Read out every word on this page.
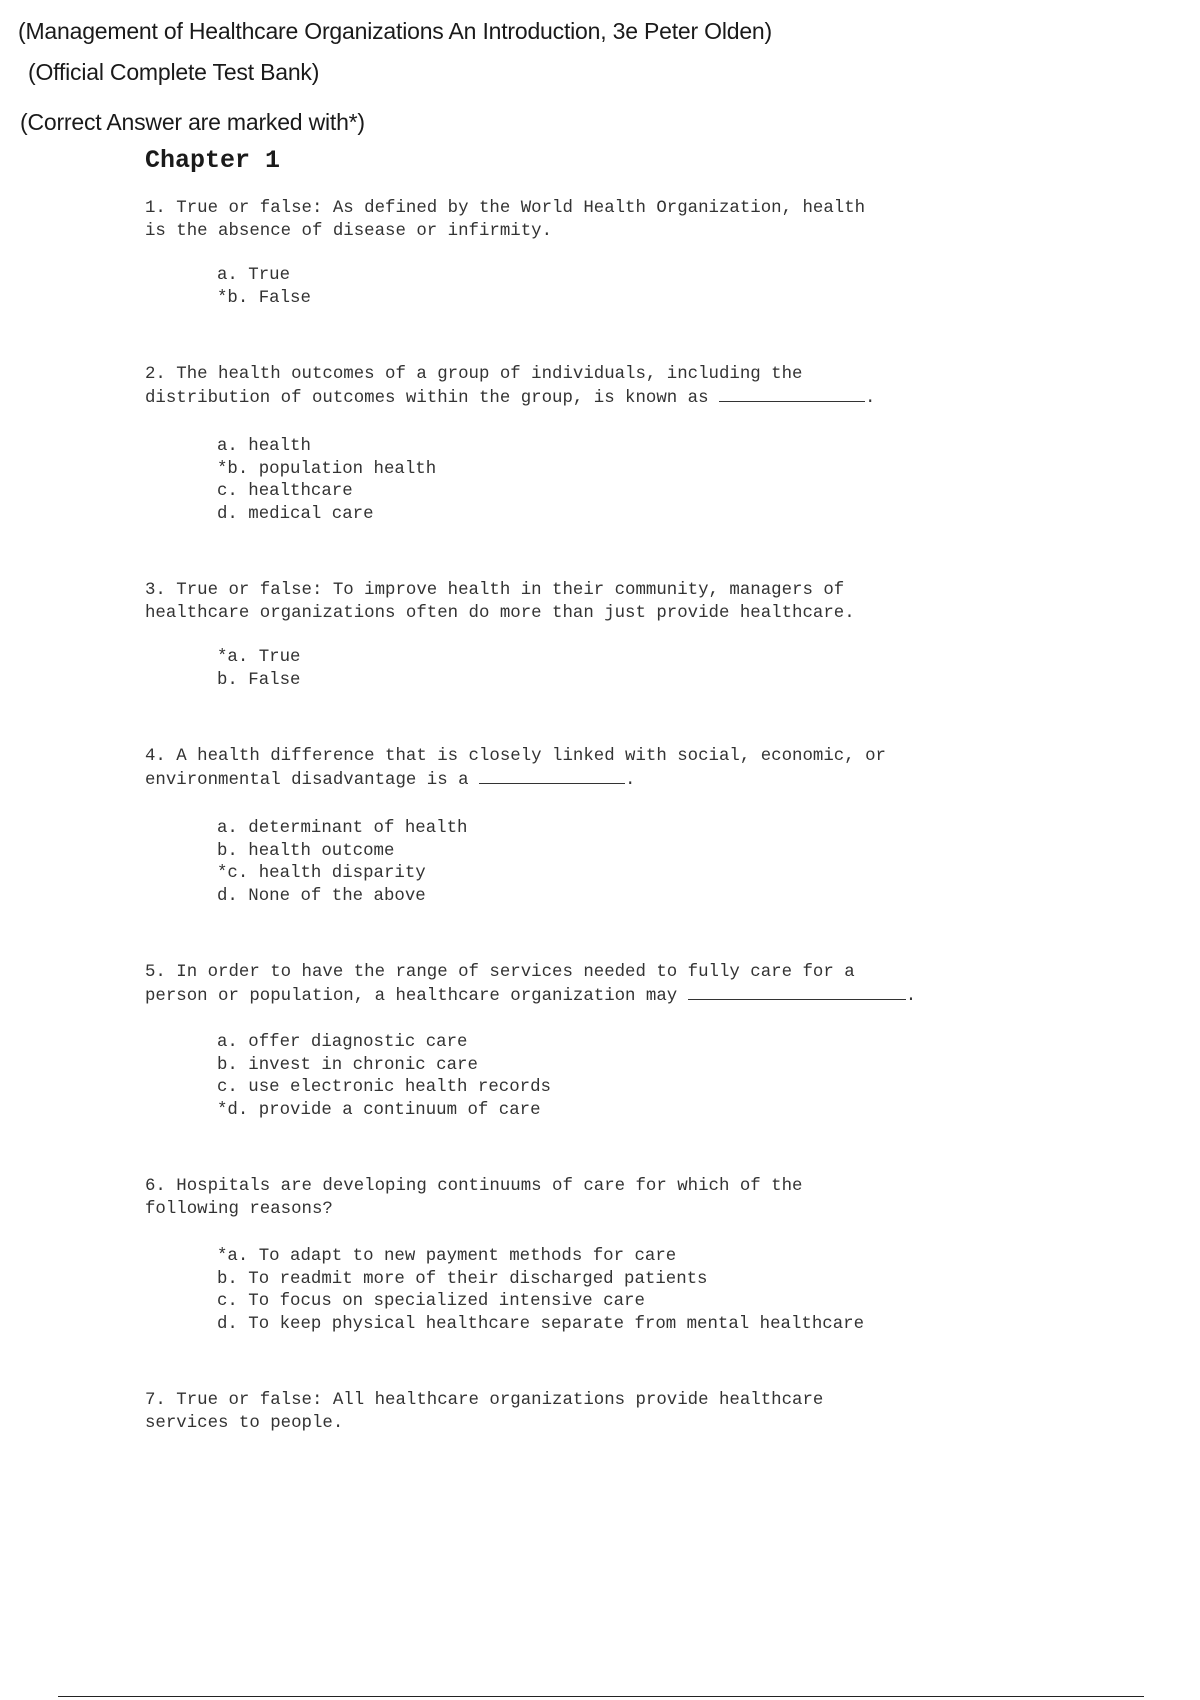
(Management of Healthcare Organizations An Introduction, 3e Peter Olden)
(Official Complete Test Bank)
(Correct Answer are marked with*)
Chapter 1
1. True or false: As defined by the World Health Organization, health
is the absence of disease or infirmity.
a. True
*b. False
2. The health outcomes of a group of individuals, including the
distribution of outcomes within the group, is known as	.
a. health
*b. population health
c. healthcare
d. medical care
3. True or false: To improve health in their community, managers of
healthcare organizations often do more than just provide healthcare.
*a. True
b. False
4. A health difference that is closely linked with social, economic, or
environmental disadvantage is a	.
a. determinant of health
b. health outcome
*c. health disparity
d. None of the above
5. In order to have the range of services needed to fully care for a
person or population, a healthcare organization may	.
a. offer diagnostic care
b. invest in chronic care
c. use electronic health records
*d. provide a continuum of care
6. Hospitals are developing continuums of care for which of the
following reasons?
*a. To adapt to new payment methods for care
b. To readmit more of their discharged patients
c. To focus on specialized intensive care
d. To keep physical healthcare separate from mental healthcare
7. True or false: All healthcare organizations provide healthcare
services to people.
